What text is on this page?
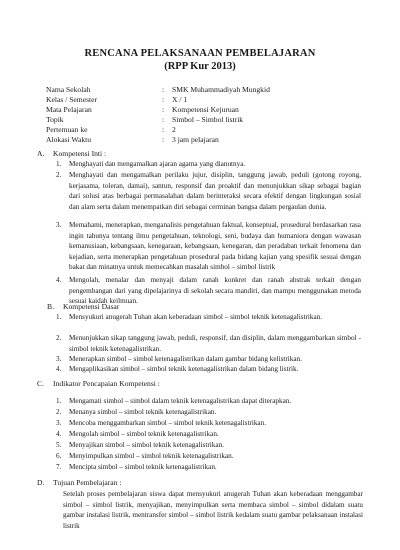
RENCANA PELAKSANAAN PEMBELAJARAN
(RPP Kur 2013)
Nama Sekolah	: SMK Muhammadiyah Mungkid
Kelas / Semester	: X / 1
Mata Pelajaran	: Kompetensi Kejuruan
Topik	: Simbol – Simbol listrik
Pertemuan ke	: 2
Alokasi Waktu	: 3 jam pelajaran
A. Kompetensi Inti :
1. Menghayati dan mengamalkan ajaran agama yang dianutnya.
2. Menghayati dan mengamalkan perilaku jujur, disiplin, tanggung jawab, peduli (gotong royong, kerjasama, toleran, damai), santun, responsif dan proaktif dan menunjukkan sikap sebagai bagian dari solusi atas berbagai permasalahan dalam berinteraksi secara efektif dengan lingkungan sosial dan alam serta dalam menempatkan diri sebagai cerminan bangsa dalam pergaulan dunia.
3. Memahami, menerapkan, menganalisis pengetahuan faktual, konseptual, prosedural berdasarkan rasa ingin tahunya tentang ilmu pengetahuan, teknologi, seni, budaya dan humaniora dengan wawasan kemanusiaan, kebangsaan, kenegaraan, kebangsaan, kenegaran, dan peradaban terkait fenomena dan kejadian, serta menerapkan pengetahuan prosedural pada bidang kajian yang spesifik sesuai dengan bakat dan minatnya untuk memecahkan masalah simbol – simbol listrik
4. Mengolah, menalar dan menyaji dalam ranah konkret dan ranah abstrak terkait dengan pengembangan dari yang dipelajarinya di sekolah secara mandiri, dan mampu menggunakan metoda sesuai kaidah keilmuan.
B. Kompetensi Dasar
1. Mensyukuri anugerah Tuhan akan keberadaan simbol – simbol teknik ketenagalistrikan.
2. Menunjukkan sikap tanggung jawab, peduli, responsif, dan disiplin, dalam menggambarkan simbol - simbol teknik ketenagalistrikan.
3. Menerapkan simbol – simbol ketenagalistrikan dalam gambar bidang kelistrikan.
4. Mengaplikasikan simbol – simbol teknik ketenagalistrikan dalam bidang listrik.
C. Indikator Pencapaian Kompetensi :
1. Mengamati simbol – simbol dalam teknik ketenagalistrikan dapat diterapkan.
2. Menanya simbol – simbol teknik ketenagalistrikan.
3. Mencoba menggambarkan simbol – simbol teknik ketenagalistrikan.
4. Mengolah simbol – simbol teknik ketenagalistrikan.
5. Menyajikan simbol – simbol teknik ketenagalistrikan.
6. Menyimpulkan simbol – simbol teknik ketenagalistrikan.
7. Mencipta simbol – simbol teknik ketenagalistrikan.
D. Tujuan Pembelajaran :
Setelah proses pembelajaran siswa dapat mensyukuri anugerah Tuhan akan keberadaan menggambar simbol – simbol listrik, menyajikan, menyimpulkan serta membaca simbol – simbol didalam suatu gambar instalasi listrik, mentransfer simbol – simbol listrik kedalam suatu gambar pelaksanaan instalasi listrik
